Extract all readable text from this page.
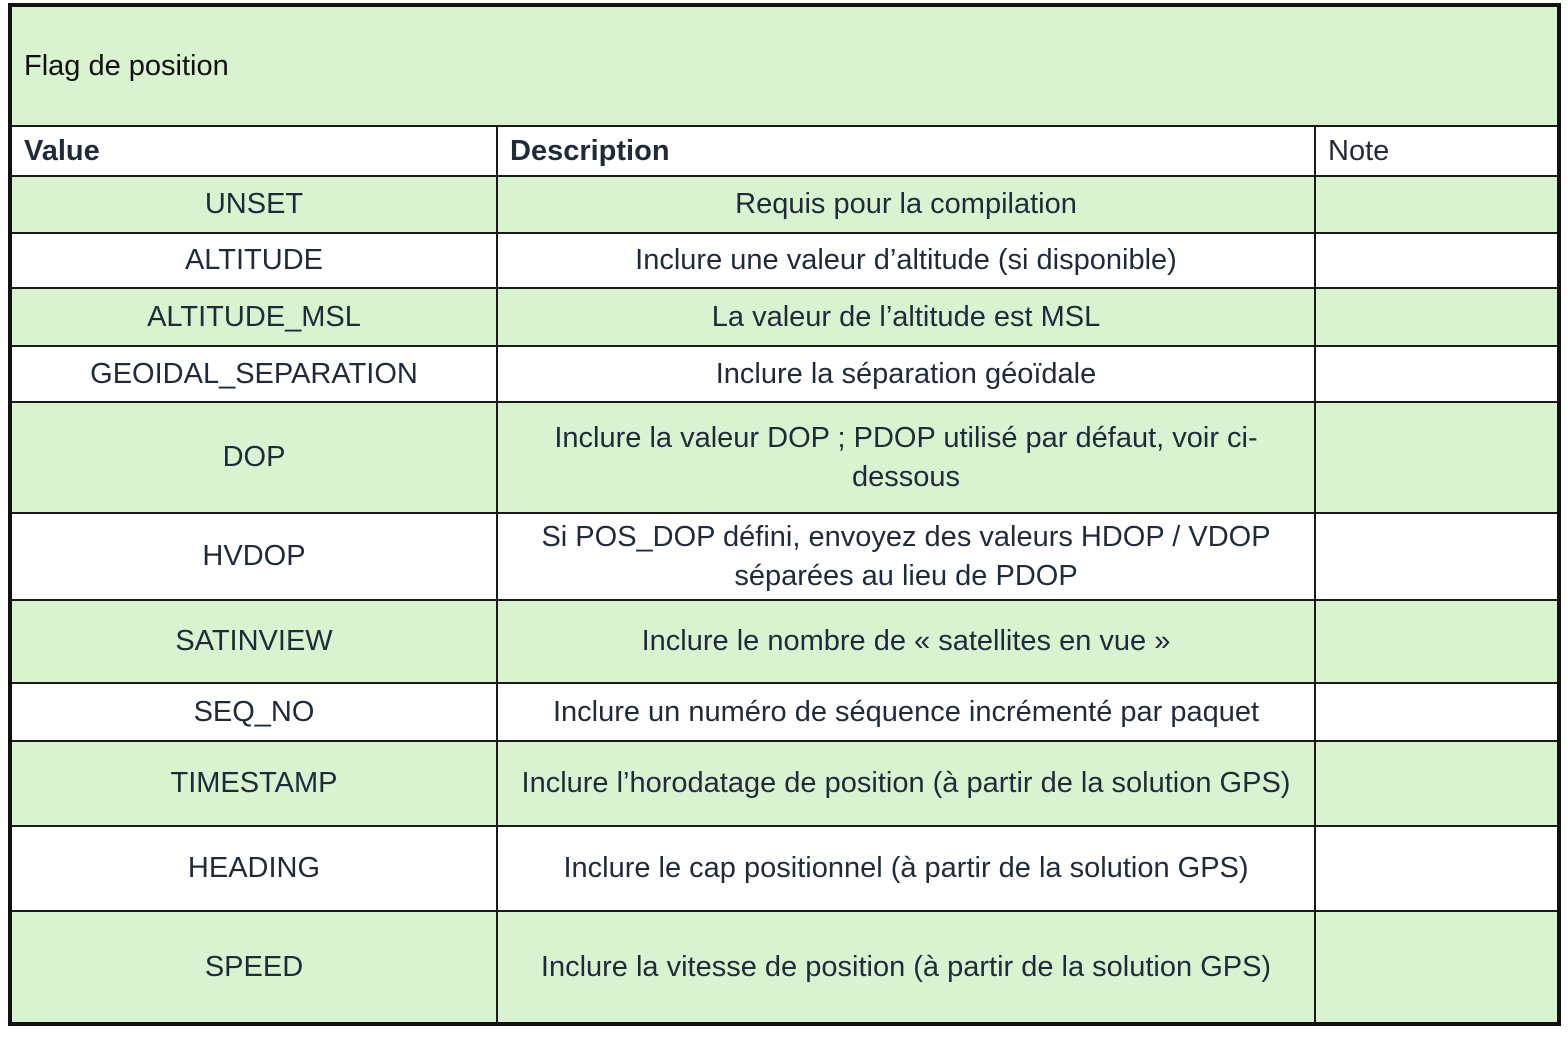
Flag de position		
Value	Description	Note
UNSET	Requis pour la compilation	
ALTITUDE	Inclure une valeur d’altitude (si disponible)	
ALTITUDE_MSL	La valeur de l’altitude est MSL	
GEOIDAL_SEPARATION	Inclure la séparation géoïdale	
DOP	Inclure la valeur DOP ; PDOP utilisé par défaut, voir ci-dessous	
HVDOP	Si POS_DOP défini, envoyez des valeurs HDOP / VDOP séparées au lieu de PDOP	
SATINVIEW	Inclure le nombre de « satellites en vue »	
SEQ_NO	Inclure un numéro de séquence incrémenté par paquet	
TIMESTAMP	Inclure l’horodatage de position (à partir de la solution GPS)	
HEADING	Inclure le cap positionnel (à partir de la solution GPS)	
SPEED	Inclure la vitesse de position (à partir de la solution GPS)	
